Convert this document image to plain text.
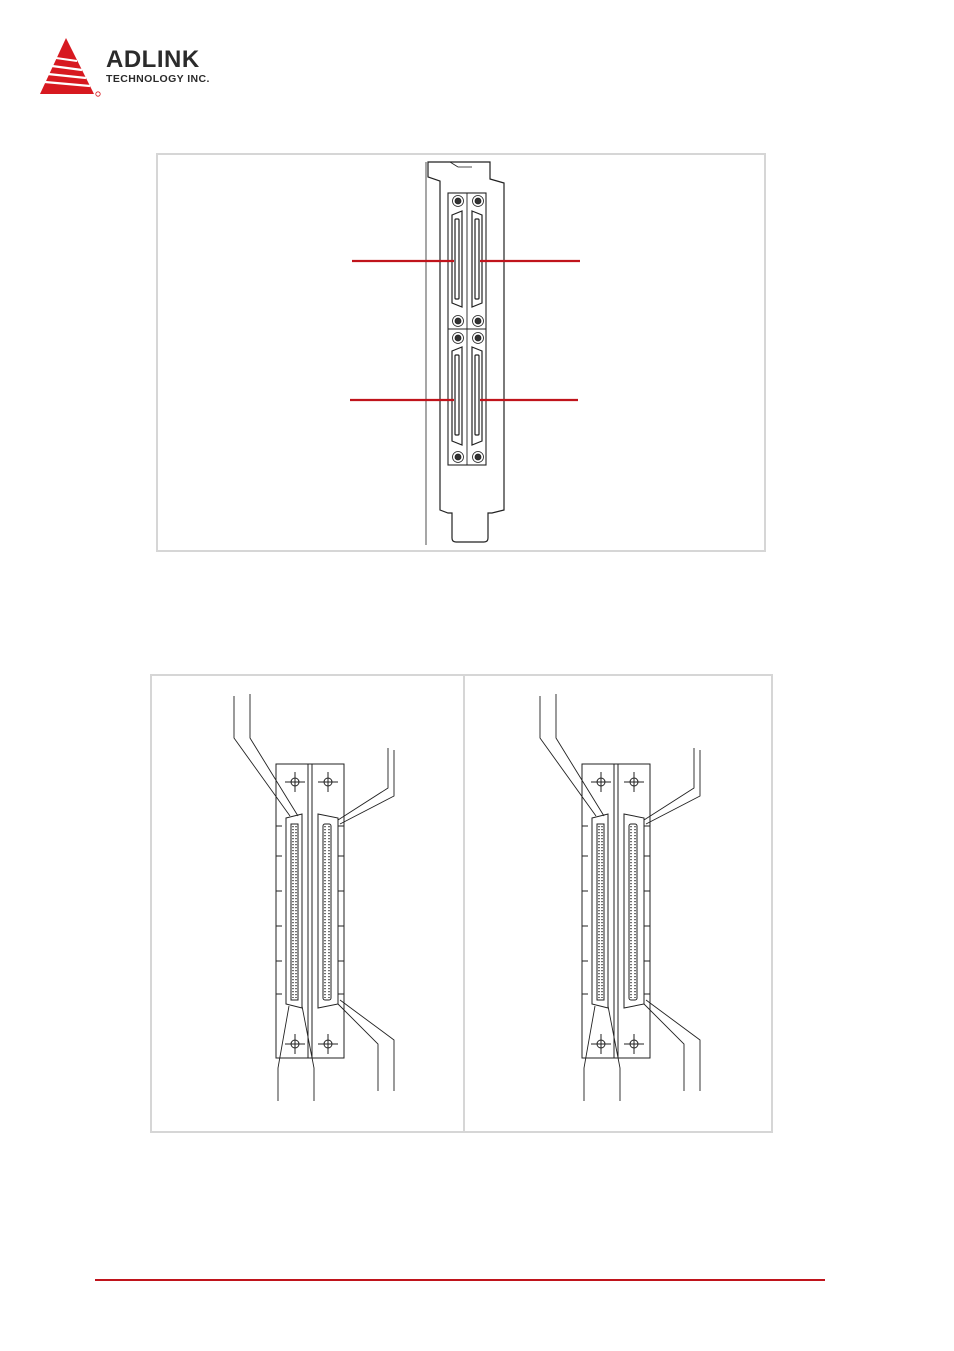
ADLINK
TECHNOLOGY INC.
